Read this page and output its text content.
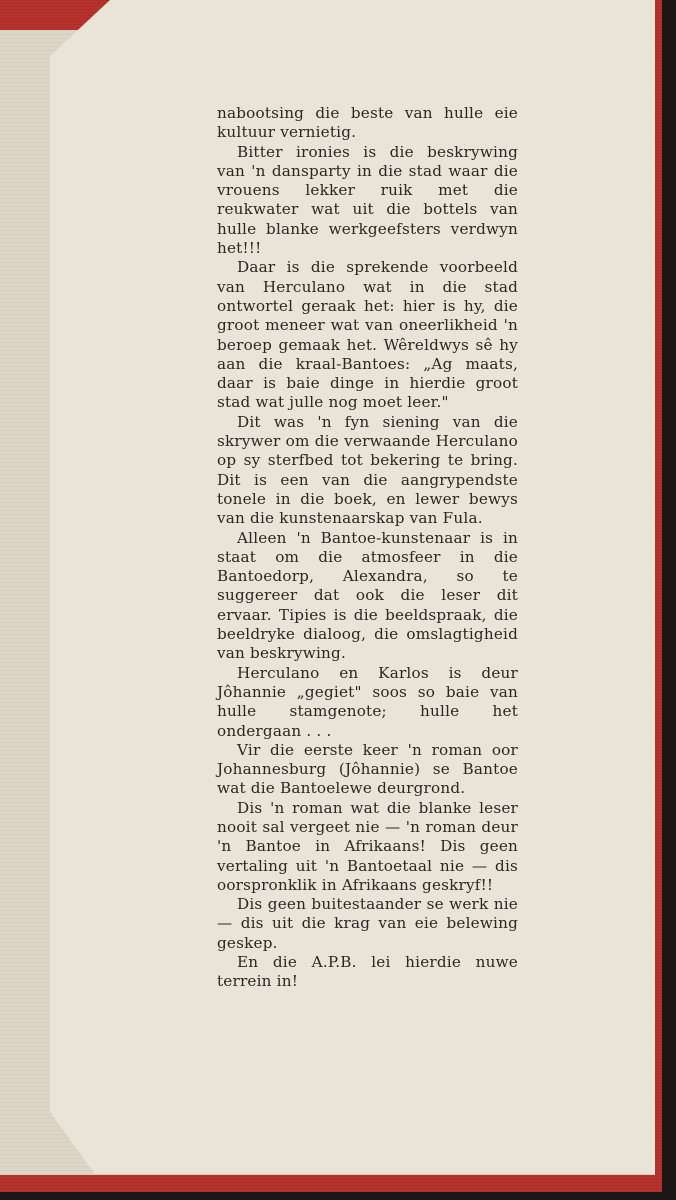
nabootsing die beste van hulle eie kultuur vernietig.

Bitter ironies is die beskrywing van 'n dansparty in die stad waar die vrouens lekker ruik met die reukwater wat uit die bottels van hulle blanke werkgeefsters verdwyn het!!!

Daar is die sprekende voorbeeld van Herculano wat in die stad ontwortel geraak het: hier is hy, die groot meneer wat van oneerlikheid 'n beroep gemaak het. Wêreldwys sê hy aan die kraal-Bantoes: „Ag maats, daar is baie dinge in hierdie groot stad wat julle nog moet leer."

Dit was 'n fyn siening van die skrywer om die verwaande Herculano op sy sterfbed tot bekering te bring. Dit is een van die aangrypendste tonele in die boek, en lewer bewys van die kunstenaarskap van Fula.

Alleen 'n Bantoe-kunstenaar is in staat om die atmosfeer in die Bantoedorp, Alexandra, so te suggereer dat ook die leser dit ervaar. Tipies is die beeldspraak, die beeldryke dialoog, die omslagtigheid van beskrywing.

Herculano en Karlos is deur Jôhannie „gegiet" soos so baie van hulle stamgenote; hulle het ondergaan . . .

Vir die eerste keer 'n roman oor Johannesburg (Jôhannie) se Bantoe wat die Bantoelewe deurgrond.

Dis 'n roman wat die blanke leser nooit sal vergeet nie — 'n roman deur 'n Bantoe in Afrikaans! Dis geen vertaling uit 'n Bantoetaal nie — dis oorspronklik in Afrikaans geskryf!!

Dis geen buitestaander se werk nie — dis uit die krag van eie belewing geskep.

En die A.P.B. lei hierdie nuwe terrein in!
